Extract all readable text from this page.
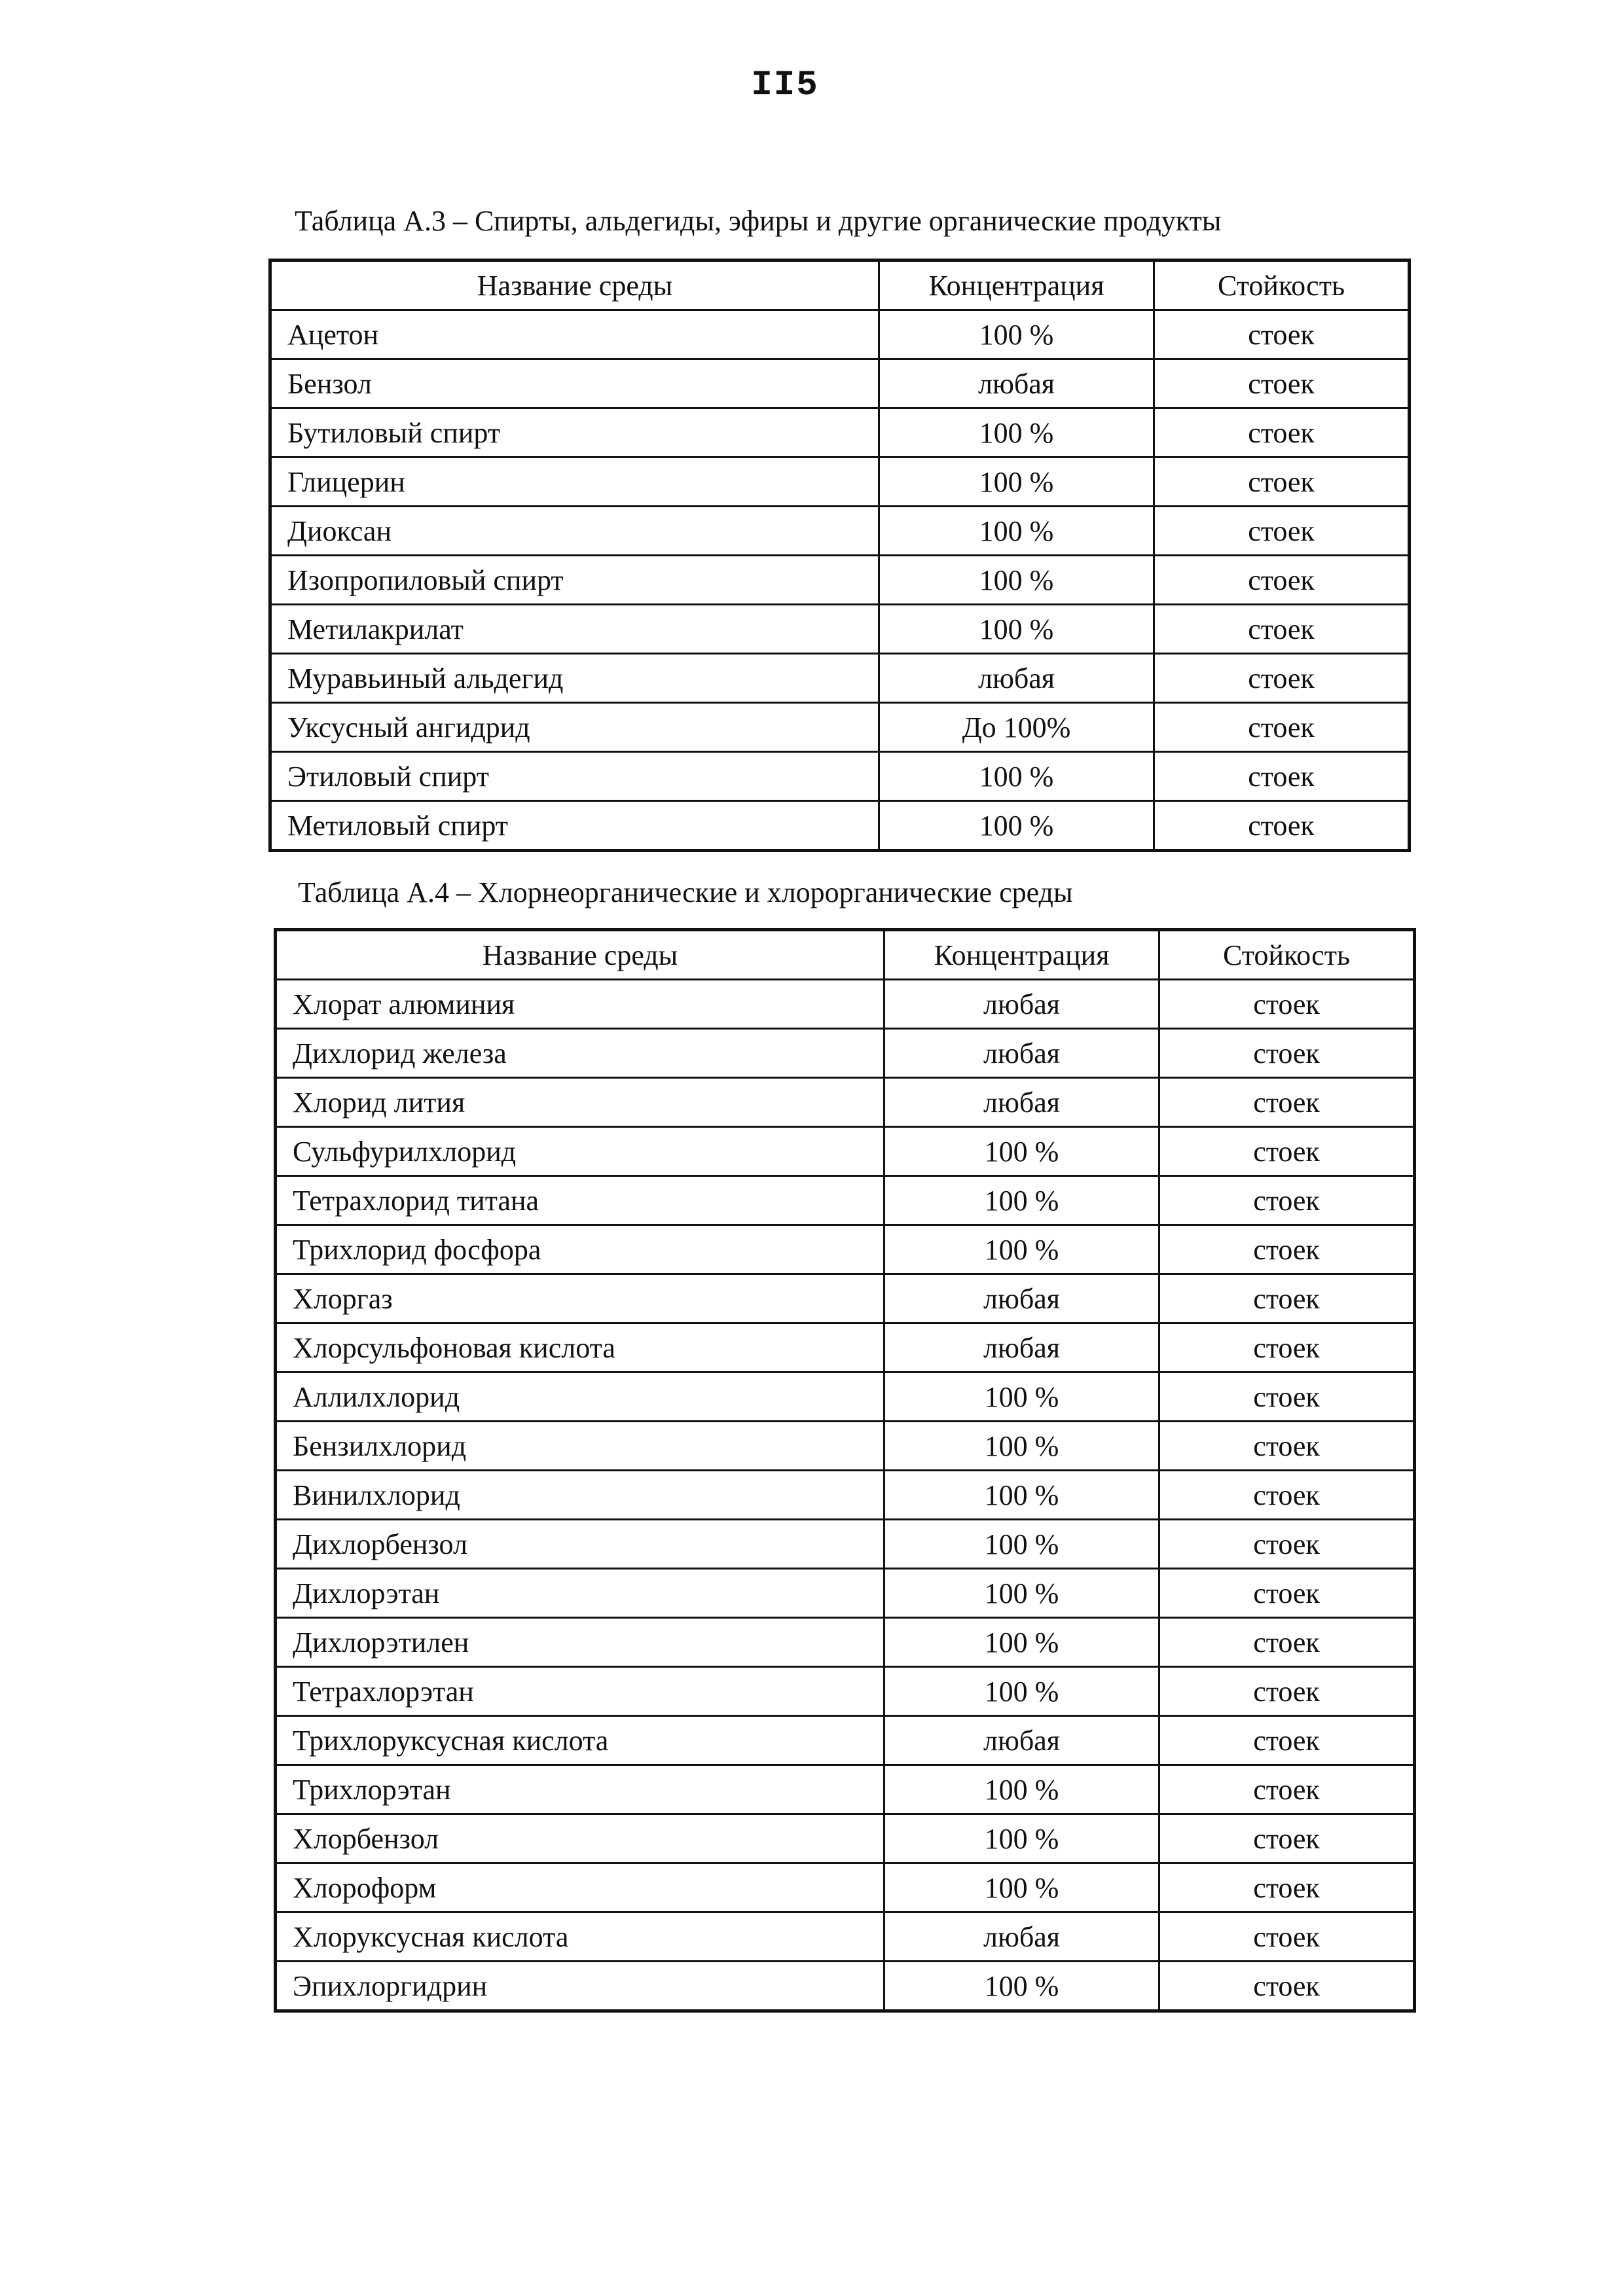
II5
Таблица А.3 – Спирты, альдегиды, эфиры и другие органические продукты
Название среды	Концентрация	Стойкость
Ацетон	100 %	стоек
Бензол	любая	стоек
Бутиловый спирт	100 %	стоек
Глицерин	100 %	стоек
Диоксан	100 %	стоек
Изопропиловый спирт	100 %	стоек
Метилакрилат	100 %	стоек
Муравьиный альдегид	любая	стоек
Уксусный ангидрид	До 100%	стоек
Этиловый спирт	100 %	стоек
Метиловый спирт	100 %	стоек
Таблица А.4 – Хлорнеорганические и хлорорганические среды
Название среды	Концентрация	Стойкость
Хлорат алюминия	любая	стоек
Дихлорид железа	любая	стоек
Хлорид лития	любая	стоек
Сульфурилхлорид	100 %	стоек
Тетрахлорид титана	100 %	стоек
Трихлорид фосфора	100 %	стоек
Хлоргаз	любая	стоек
Хлорсульфоновая кислота	любая	стоек
Аллилхлорид	100 %	стоек
Бензилхлорид	100 %	стоек
Винилхлорид	100 %	стоек
Дихлорбензол	100 %	стоек
Дихлорэтан	100 %	стоек
Дихлорэтилен	100 %	стоек
Тетрахлорэтан	100 %	стоек
Трихлоруксусная кислота	любая	стоек
Трихлорэтан	100 %	стоек
Хлорбензол	100 %	стоек
Хлороформ	100 %	стоек
Хлоруксусная кислота	любая	стоек
Эпихлоргидрин	100 %	стоек
